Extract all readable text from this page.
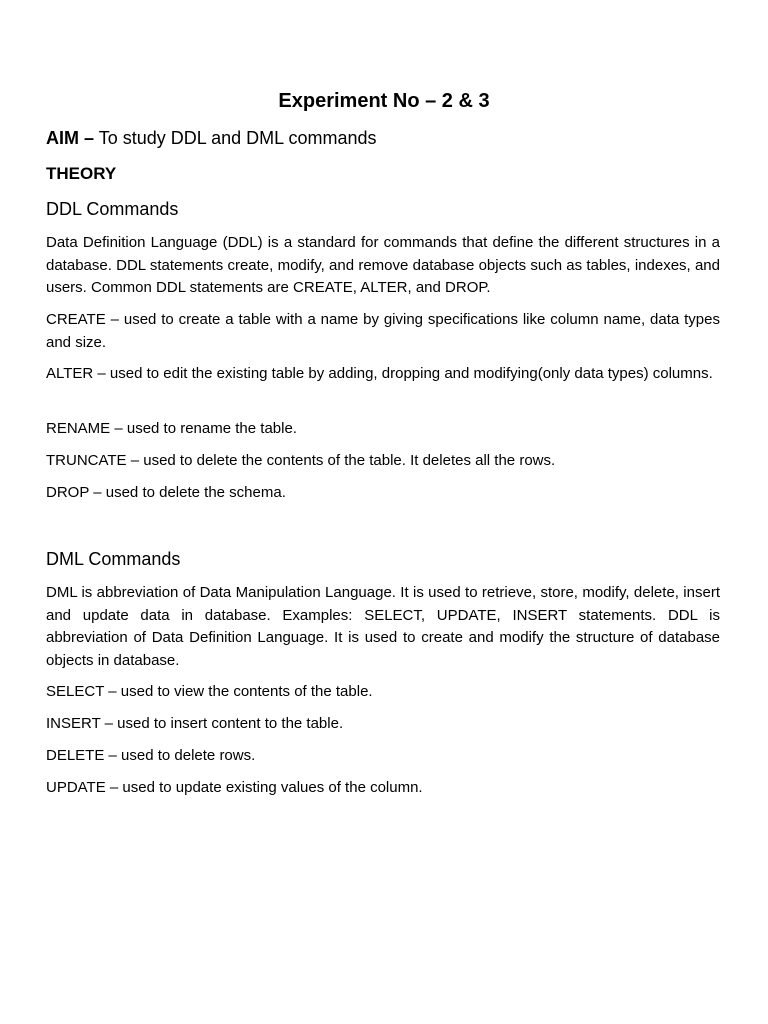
Experiment No – 2 & 3
AIM – To study DDL and DML commands
THEORY
DDL Commands
Data Definition Language (DDL) is a standard for commands that define the different structures in a database. DDL statements create, modify, and remove database objects such as tables, indexes, and users. Common DDL statements are CREATE, ALTER, and DROP.
CREATE – used to create a table with a name by giving specifications like column name, data types and size.
ALTER – used to edit the existing table by adding, dropping and modifying(only data types) columns.
RENAME – used to rename the table.
TRUNCATE – used to delete the contents of the table. It deletes all the rows.
DROP – used to delete the schema.
DML Commands
DML is abbreviation of Data Manipulation Language. It is used to retrieve, store, modify, delete, insert and update data in database. Examples: SELECT, UPDATE, INSERT statements. DDL is abbreviation of Data Definition Language. It is used to create and modify the structure of database objects in database.
SELECT – used to view the contents of the table.
INSERT – used to insert content to the table.
DELETE – used to delete rows.
UPDATE – used to update existing values of the column.
